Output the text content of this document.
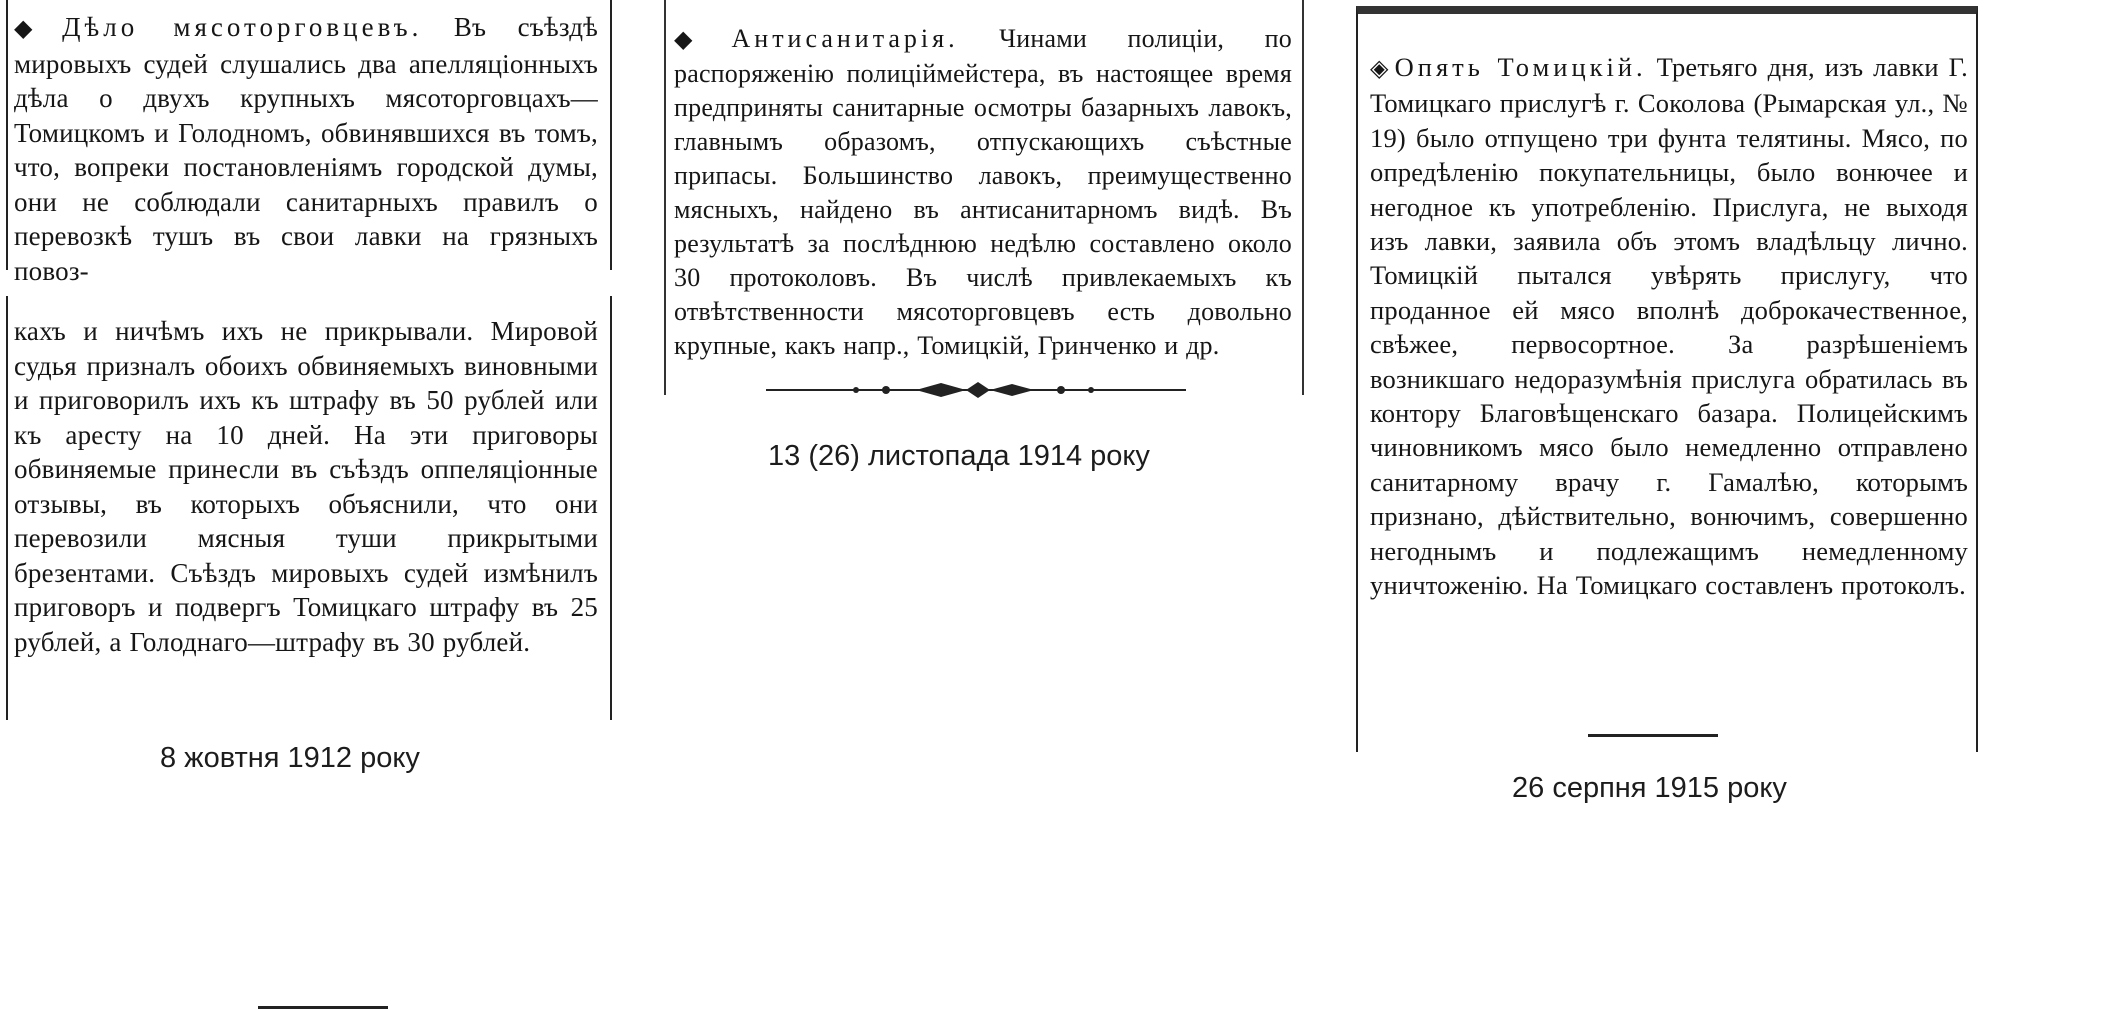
◆ Дѣло мясоторговцевъ. Въ съѣздѣ мировыхъ судей слушались два апелляціонныхъ дѣла о двухъ крупныхъ мясоторговцахъ—Томицкомъ и Голодномъ, обвинявшихся въ томъ, что, вопреки постановленіямъ городской думы, они не соблюдали санитарныхъ правилъ о перевозкѣ тушъ въ свои лавки на грязныхъ повоз-

кахъ и ничѣмъ ихъ не прикрывали. Мировой судья призналъ обоихъ обвиняемыхъ виновными и приговорилъ ихъ къ штрафу въ 50 рублей или къ аресту на 10 дней. На эти приговоры обвиняемые принесли въ съѣздъ оппеляціонные отзывы, въ которыхъ объяснили, что они перевозили мясныя туши прикрытыми брезентами. Съѣздъ мировыхъ судей измѣнилъ приговоръ и подвергъ Томицкаго штрафу въ 25 рублей, а Голоднаго—штрафу въ 30 рублей.

8 жовтня 1912 року

◆ Антисанитарія. Чинами полиціи, по распоряженію полиціймейстера, въ настоящее время предприняты санитарные осмотры базарныхъ лавокъ, главнымъ образомъ, отпускающихъ съѣстные припасы. Большинство лавокъ, преимущественно мясныхъ, найдено въ антисанитарномъ видѣ. Въ результатѣ за послѣднюю недѣлю составлено около 30 протоколовъ. Въ числѣ привлекаемыхъ къ отвѣтственности мясоторговцевъ есть довольно крупные, какъ напр., Томицкій, Гринченко и др.

13 (26) листопада 1914 року

◈ Опять Томицкій. Третьяго дня, изъ лавки Г. Томицкаго прислугѣ г. Соколова (Рымарская ул., № 19) было отпущено три фунта телятины. Мясо, по опредѣленію покупательницы, было вонючее и негодное къ употребленію. Прислуга, не выходя изъ лавки, заявила объ этомъ владѣльцу лично. Томицкій пытался увѣрять прислугу, что проданное ей мясо вполнѣ доброкачественное, свѣжее, первосортное. За разрѣшеніемъ возникшаго недоразумѣнія прислуга обратилась въ контору Благовѣщенскаго базара. Полицейскимъ чиновникомъ мясо было немедленно отправлено санитарному врачу г. Гамалѣю, которымъ признано, дѣйствительно, вонючимъ, совершенно негоднымъ и подлежащимъ немедленному уничтоженію. На Томицкаго составленъ протоколъ.

26 серпня 1915 року
